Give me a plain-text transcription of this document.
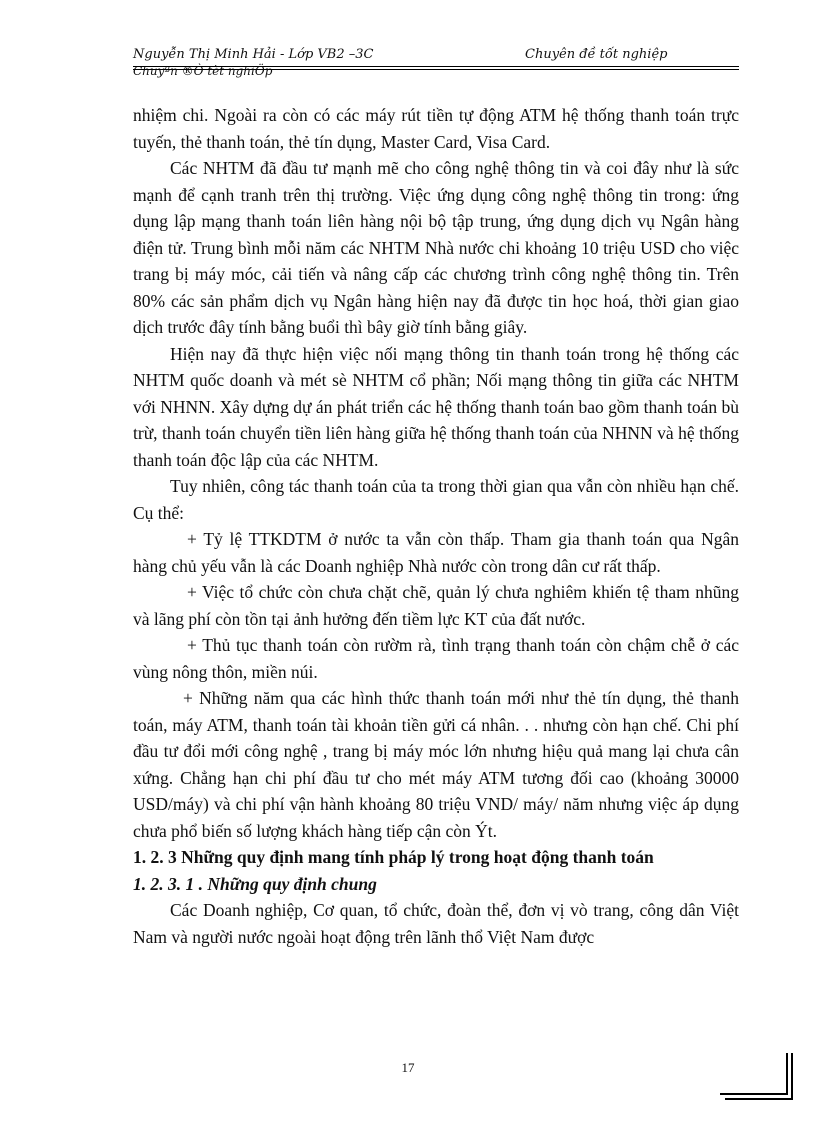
Nguyễn Thị Minh Hải - Lớp VB2 –3C	Chuyên đề tốt nghiệp
Chuyªn ®Ò tèt nghiÖp

nhiệm chi. Ngoài ra còn có các máy rút tiền tự động ATM hệ thống thanh toán trực tuyến, thẻ thanh toán, thẻ tín dụng, Master Card, Visa Card.

Các NHTM đã đầu tư mạnh mẽ cho công nghệ thông tin và coi đây như là sức mạnh để cạnh tranh trên thị trường. Việc ứng dụng công nghệ thông tin trong: ứng dụng lập mạng thanh toán liên hàng nội bộ tập trung, ứng dụng dịch vụ Ngân hàng điện tử. Trung bình mỗi năm các NHTM Nhà nước chi khoảng 10 triệu USD cho việc trang bị máy móc, cải tiến và nâng cấp các chương trình công nghệ thông tin. Trên 80% các sản phẩm dịch vụ Ngân hàng hiện nay đã được tin học hoá, thời gian giao dịch trước đây tính bằng buổi thì bây giờ tính bằng giây.

Hiện nay đã thực hiện việc nối mạng thông tin thanh toán trong hệ thống các NHTM quốc doanh và mét sè NHTM cổ phần; Nối mạng thông tin giữa các NHTM với NHNN. Xây dựng dự án phát triển các hệ thống thanh toán bao gồm thanh toán bù trừ, thanh toán chuyển tiền liên hàng giữa hệ thống thanh toán của NHNN và hệ thống thanh toán độc lập của các NHTM.

Tuy nhiên, công tác thanh toán của ta trong thời gian qua vẫn còn nhiều hạn chế. Cụ thể:

+ Tỷ lệ TTKDTM ở nước ta vẫn còn thấp. Tham gia thanh toán qua Ngân hàng chủ yếu vẫn là các Doanh nghiệp Nhà nước còn trong dân cư rất thấp.

+ Việc tổ chức còn chưa chặt chẽ, quản lý chưa nghiêm khiến tệ tham nhũng và lãng phí còn tồn tại ảnh hưởng đến tiềm lực KT của đất nước.

+ Thủ tục thanh toán còn rườm rà, tình trạng thanh toán còn chậm chễ ở các vùng nông thôn, miền núi.

+ Những năm qua các hình thức thanh toán mới như thẻ tín dụng, thẻ thanh toán, máy ATM, thanh toán tài khoản tiền gửi cá nhân. . . nhưng còn hạn chế. Chi phí đầu tư đổi mới công nghệ , trang bị máy móc lớn nhưng hiệu quả mang lại chưa cân xứng. Chẳng hạn chi phí đầu tư cho mét máy ATM tương đối cao (khoảng 30000 USD/máy) và chi phí vận hành khoảng 80 triệu VND/ máy/ năm nhưng việc áp dụng chưa phổ biến số lượng khách hàng tiếp cận còn Ýt.

1. 2. 3 Những quy định mang tính pháp lý trong hoạt động thanh toán

1. 2. 3. 1 . Những quy định chung

Các Doanh nghiệp, Cơ quan, tổ chức, đoàn thể, đơn vị vò trang, công dân Việt Nam và người nước ngoài hoạt động trên lãnh thổ Việt Nam được

17
